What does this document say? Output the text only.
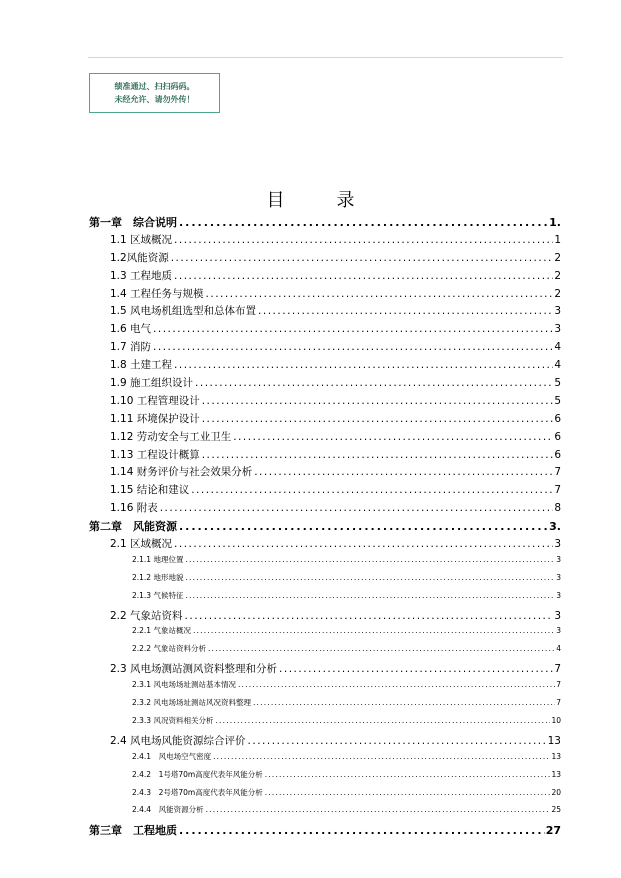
绩准通过、扫扫码码。
未经允许、请勿外传！
目	录
第一章　综合说明 .....	1.
1.1 区域概况 .....	1
1.2风能资源 .....	2
1.3 工程地质 .....	2
1.4 工程任务与规模 .....	2
1.5 风电场机组选型和总体布置 .....	3
1.6 电气 .....	3
1.7 消防 .....	4
1.8 土建工程 .....	4
1.9 施工组织设计 .....	5
1.10 工程管理设计 .....	5
1.11 环境保护设计 .....	6
1.12 劳动安全与工业卫生 .....	6
1.13 工程设计概算 .....	6
1.14 财务评价与社会效果分析 .....	7
1.15 结论和建议 .....	7
1.16 附表 .....	8
第二章　风能资源 .....	3.
2.1 区域概况 .....	3
2.1.1 地理位置 .....	3
2.1.2 地形地貌 .....	3
2.1.3 气候特征 .....	3
2.2 气象站资料 .....	3
2.2.1 气象站概况 .....	3
2.2.2 气象站资料分析 .....	4
2.3 风电场测站测风资料整理和分析 .....	7
2.3.1 风电场场址测站基本情况 .....	7
2.3.2 风电场场址测站风况资料整理 .....	7
2.3.3 风况资料相关分析 .....	10
2.4 风电场风能资源综合评价 .....	13
2.4.1　风电场空气密度 .....	13
2.4.2　1号塔70m高度代表年风能分析 .....	13
2.4.3　2号塔70m高度代表年风能分析 .....	20
2.4.4　风能资源分析 .....	25
第三章　工程地质 .....	27
